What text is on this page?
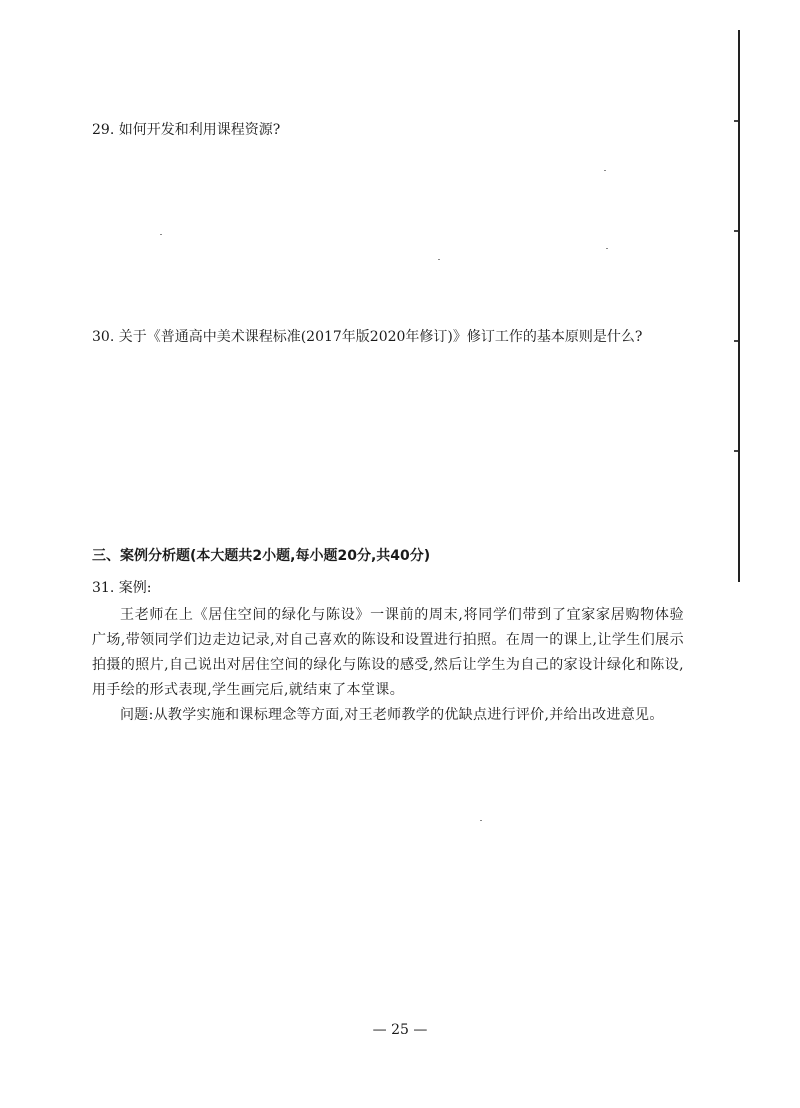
29. 如何开发和利用课程资源?
30. 关于《普通高中美术课程标准(2017年版2020年修订)》修订工作的基本原则是什么?
三、案例分析题(本大题共2小题,每小题20分,共40分)
31. 案例:
王老师在上《居住空间的绿化与陈设》一课前的周末,将同学们带到了宜家家居购物体验广场,带领同学们边走边记录,对自己喜欢的陈设和设置进行拍照。在周一的课上,让学生们展示拍摄的照片,自己说出对居住空间的绿化与陈设的感受,然后让学生为自己的家设计绿化和陈设,用手绘的形式表现,学生画完后,就结束了本堂课。
问题:从教学实施和课标理念等方面,对王老师教学的优缺点进行评价,并给出改进意见。
— 25 —
